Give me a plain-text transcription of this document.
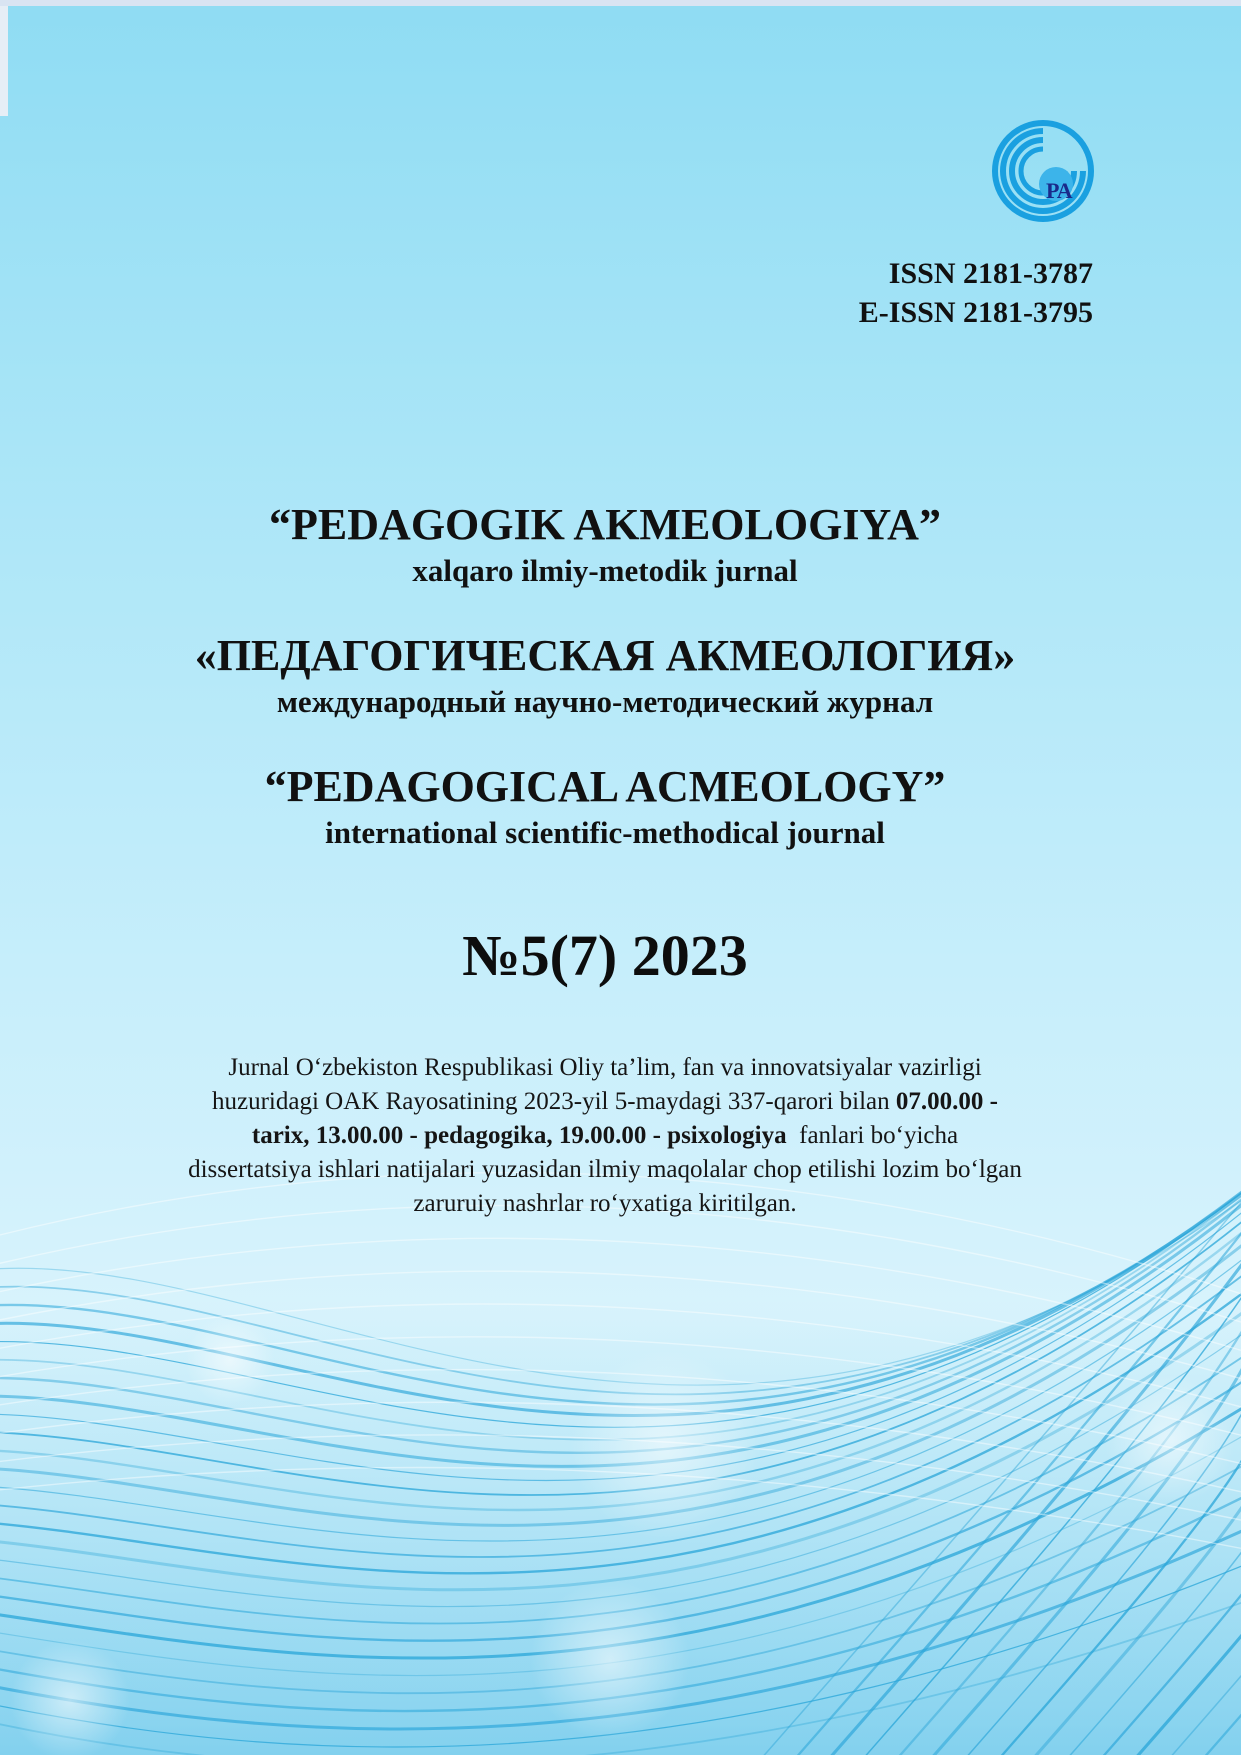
PA
ISSN 2181-3787
E-ISSN 2181-3795

“PEDAGOGIK AKMEOLOGIYA”

xalqaro ilmiy-metodik jurnal

«ПЕДАГОГИЧЕСКАЯ АКМЕОЛОГИЯ»

международный научно-методический журнал

“PEDAGOGICAL ACMEOLOGY”

international scientific-methodical journal

№5(7) 2023
Jurnal O‘zbekiston Respublikasi Oliy ta’lim, fan va innovatsiyalar vazirligi
huzuridagi OAK Rayosatining 2023-yil 5-maydagi 337-qarori bilan 07.00.00 -
tarix, 13.00.00 - pedagogika, 19.00.00 - psixologiya  fanlari bo‘yicha
dissertatsiya ishlari natijalari yuzasidan ilmiy maqolalar chop etilishi lozim bo‘lgan
zaruruiy nashrlar ro‘yxatiga kiritilgan.
